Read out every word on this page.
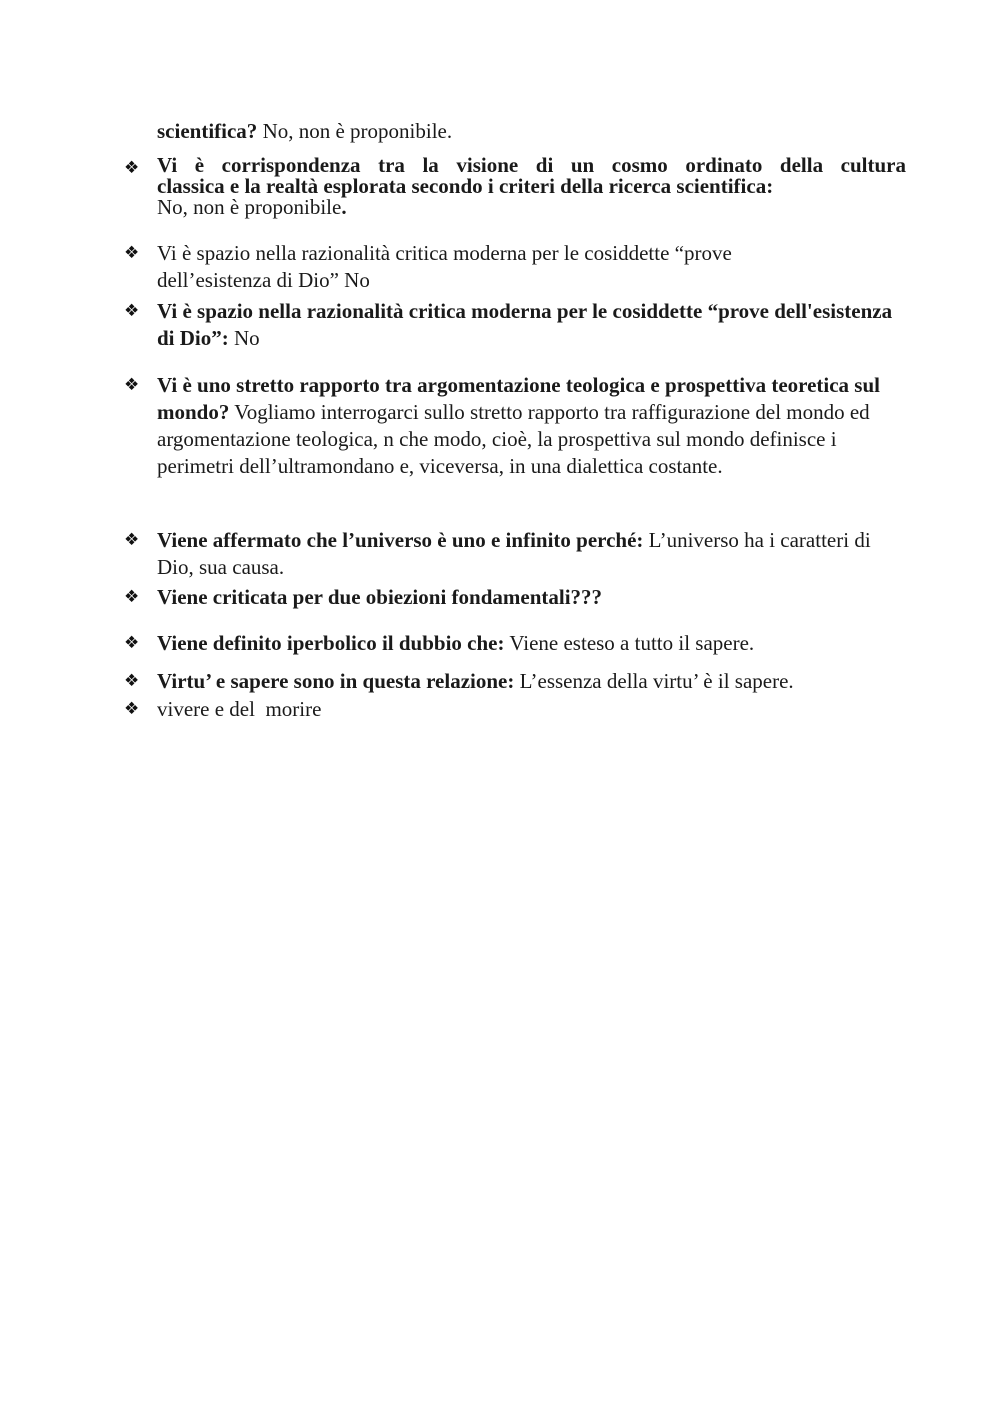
scientifica? No, non è proponibile.
❖ Vi è corrispondenza tra la visione di un cosmo ordinato della cultura
classica e la realtà esplorata secondo i criteri della ricerca scientifica:
No, non è proponibile.
❖ Vi è spazio nella razionalità critica moderna per le cosiddette “prove dell’esistenza di Dio” No
❖ Vi è spazio nella razionalità critica moderna per le cosiddette “prove dell'esistenza di Dio”: No
❖ Vi è uno stretto rapporto tra argomentazione teologica e prospettiva teoretica sul mondo? Vogliamo interrogarci sullo stretto rapporto tra raffigurazione del mondo ed argomentazione teologica, n che modo, cioè, la prospettiva sul mondo definisce i perimetri dell’ultramondano e, viceversa, in una dialettica costante.
❖ Viene affermato che l’universo è uno e infinito perché: L’universo ha i caratteri di Dio, sua causa.
❖ Viene criticata per due obiezioni fondamentali???
❖ Viene definito iperbolico il dubbio che: Viene esteso a tutto il sapere.
❖ Virtu’ e sapere sono in questa relazione: L’essenza della virtu’ è il sapere.
❖ vivere e del  morire
